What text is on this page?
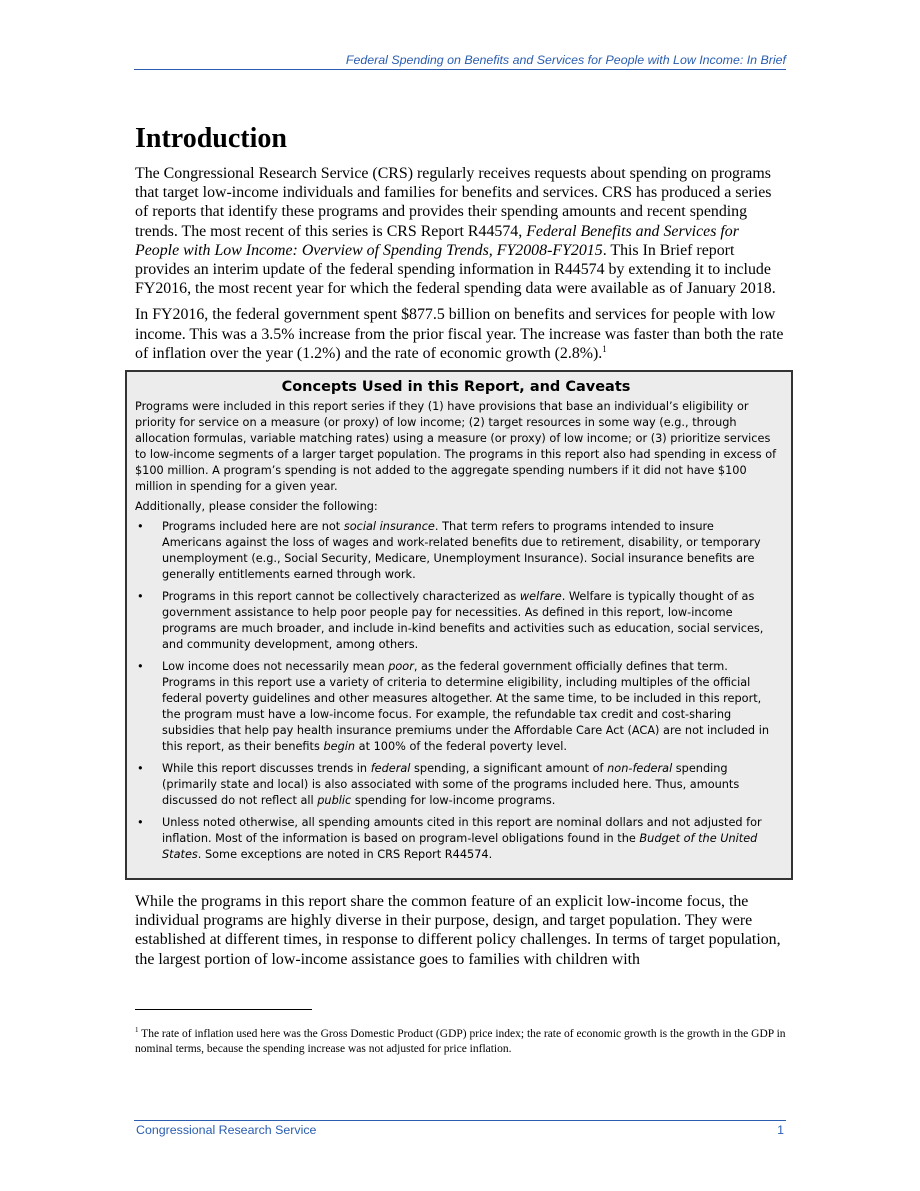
Federal Spending on Benefits and Services for People with Low Income: In Brief
Introduction

The Congressional Research Service (CRS) regularly receives requests about spending on programs that target low-income individuals and families for benefits and services. CRS has produced a series of reports that identify these programs and provides their spending amounts and recent spending trends. The most recent of this series is CRS Report R44574, Federal Benefits and Services for People with Low Income: Overview of Spending Trends, FY2008-FY2015. This In Brief report provides an interim update of the federal spending information in R44574 by extending it to include FY2016, the most recent year for which the federal spending data were available as of January 2018.

In FY2016, the federal government spent $877.5 billion on benefits and services for people with low income. This was a 3.5% increase from the prior fiscal year. The increase was faster than both the rate of inflation over the year (1.2%) and the rate of economic growth (2.8%).$^1$

Concepts Used in this Report, and Caveats

Programs were included in this report series if they (1) have provisions that base an individual’s eligibility or priority for service on a measure (or proxy) of low income; (2) target resources in some way (e.g., through allocation formulas, variable matching rates) using a measure (or proxy) of low income; or (3) prioritize services to low-income segments of a larger target population. The programs in this report also had spending in excess of $100 million. A program’s spending is not added to the aggregate spending numbers if it did not have $100 million in spending for a given year.

Additionally, please consider the following:

• Programs included here are not social insurance. That term refers to programs intended to insure Americans against the loss of wages and work-related benefits due to retirement, disability, or temporary unemployment (e.g., Social Security, Medicare, Unemployment Insurance). Social insurance benefits are generally entitlements earned through work.
• Programs in this report cannot be collectively characterized as welfare. Welfare is typically thought of as government assistance to help poor people pay for necessities. As defined in this report, low-income programs are much broader, and include in-kind benefits and activities such as education, social services, and community development, among others.
• Low income does not necessarily mean poor, as the federal government officially defines that term. Programs in this report use a variety of criteria to determine eligibility, including multiples of the official federal poverty guidelines and other measures altogether. At the same time, to be included in this report, the program must have a low-income focus. For example, the refundable tax credit and cost-sharing subsidies that help pay health insurance premiums under the Affordable Care Act (ACA) are not included in this report, as their benefits begin at 100% of the federal poverty level.
• While this report discusses trends in federal spending, a significant amount of non-federal spending (primarily state and local) is also associated with some of the programs included here. Thus, amounts discussed do not reflect all public spending for low-income programs.
• Unless noted otherwise, all spending amounts cited in this report are nominal dollars and not adjusted for inflation. Most of the information is based on program-level obligations found in the Budget of the United States. Some exceptions are noted in CRS Report R44574.

While the programs in this report share the common feature of an explicit low-income focus, the individual programs are highly diverse in their purpose, design, and target population. They were established at different times, in response to different policy challenges. In terms of target population, the largest portion of low-income assistance goes to families with children with

$^1$ The rate of inflation used here was the Gross Domestic Product (GDP) price index; the rate of economic growth is the growth in the GDP in nominal terms, because the spending increase was not adjusted for price inflation.
Congressional Research Service	1
